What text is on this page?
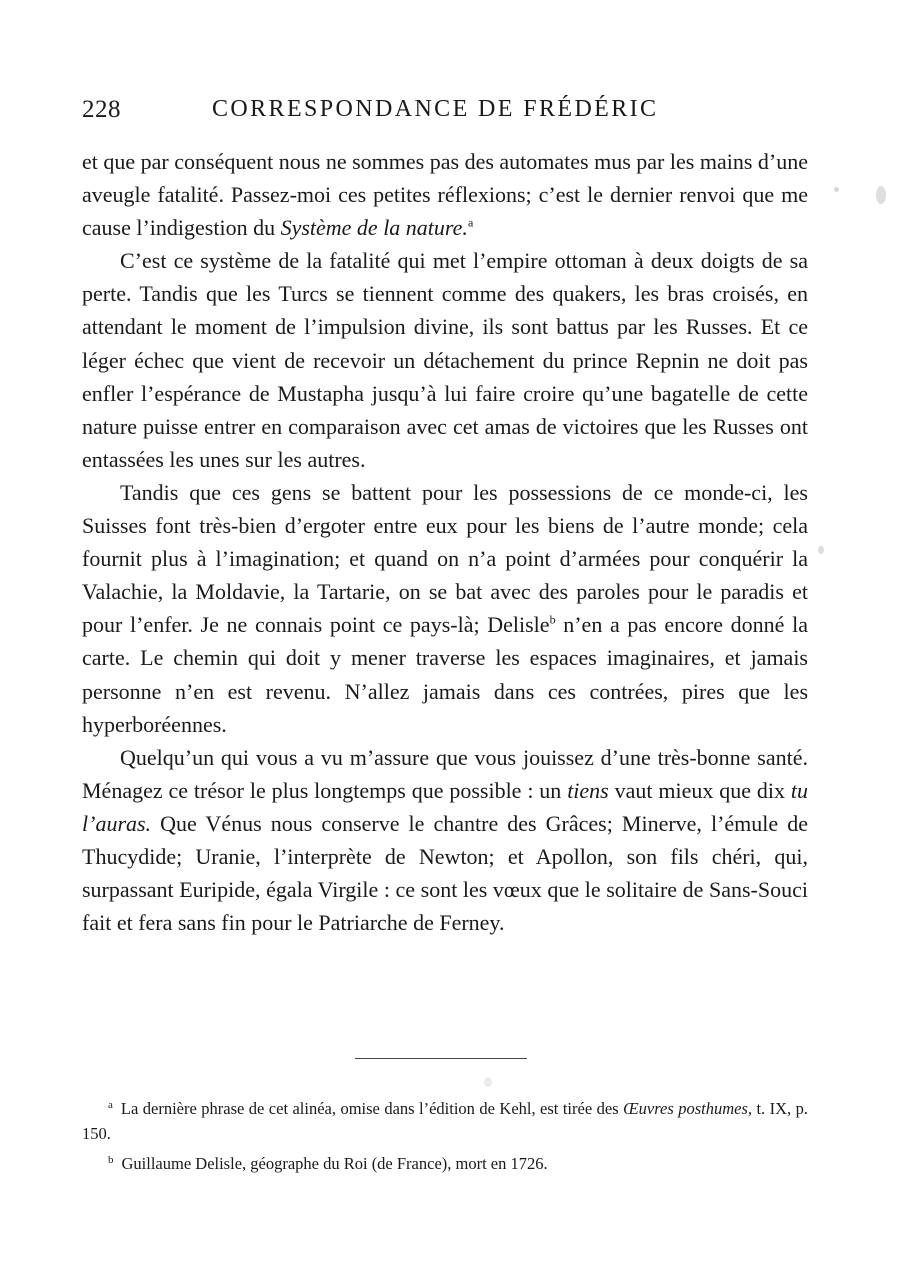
228	CORRESPONDANCE DE FRÉDÉRIC

et que par conséquent nous ne sommes pas des automates mus par les mains d’une aveugle fatalité. Passez-moi ces petites réflexions; c’est le dernier renvoi que me cause l’indigestion du Système de la nature.$^a$

C’est ce système de la fatalité qui met l’empire ottoman à deux doigts de sa perte. Tandis que les Turcs se tiennent comme des quakers, les bras croisés, en attendant le moment de l’impulsion divine, ils sont battus par les Russes. Et ce léger échec que vient de recevoir un détachement du prince Repnin ne doit pas enfler l’espérance de Mustapha jusqu’à lui faire croire qu’une bagatelle de cette nature puisse entrer en comparaison avec cet amas de victoires que les Russes ont entassées les unes sur les autres.

Tandis que ces gens se battent pour les possessions de ce monde-ci, les Suisses font très-bien d’ergoter entre eux pour les biens de l’autre monde; cela fournit plus à l’imagination; et quand on n’a point d’armées pour conquérir la Valachie, la Moldavie, la Tartarie, on se bat avec des paroles pour le paradis et pour l’enfer. Je ne connais point ce pays-là; Delisle$^b$ n’en a pas encore donné la carte. Le chemin qui doit y mener traverse les espaces imaginaires, et jamais personne n’en est revenu. N’allez jamais dans ces contrées, pires que les hyperboréennes.

Quelqu’un qui vous a vu m’assure que vous jouissez d’une très-bonne santé. Ménagez ce trésor le plus longtemps que possible : un tiens vaut mieux que dix tu l’auras. Que Vénus nous conserve le chantre des Grâces; Minerve, l’émule de Thucydide; Uranie, l’interprète de Newton; et Apollon, son fils chéri, qui, surpassant Euripide, égala Virgile : ce sont les vœux que le solitaire de Sans-Souci fait et fera sans fin pour le Patriarche de Ferney.

$^a$ La dernière phrase de cet alinéa, omise dans l’édition de Kehl, est tirée des Œuvres posthumes, t. IX, p. 150.

$^b$ Guillaume Delisle, géographe du Roi (de France), mort en 1726.
